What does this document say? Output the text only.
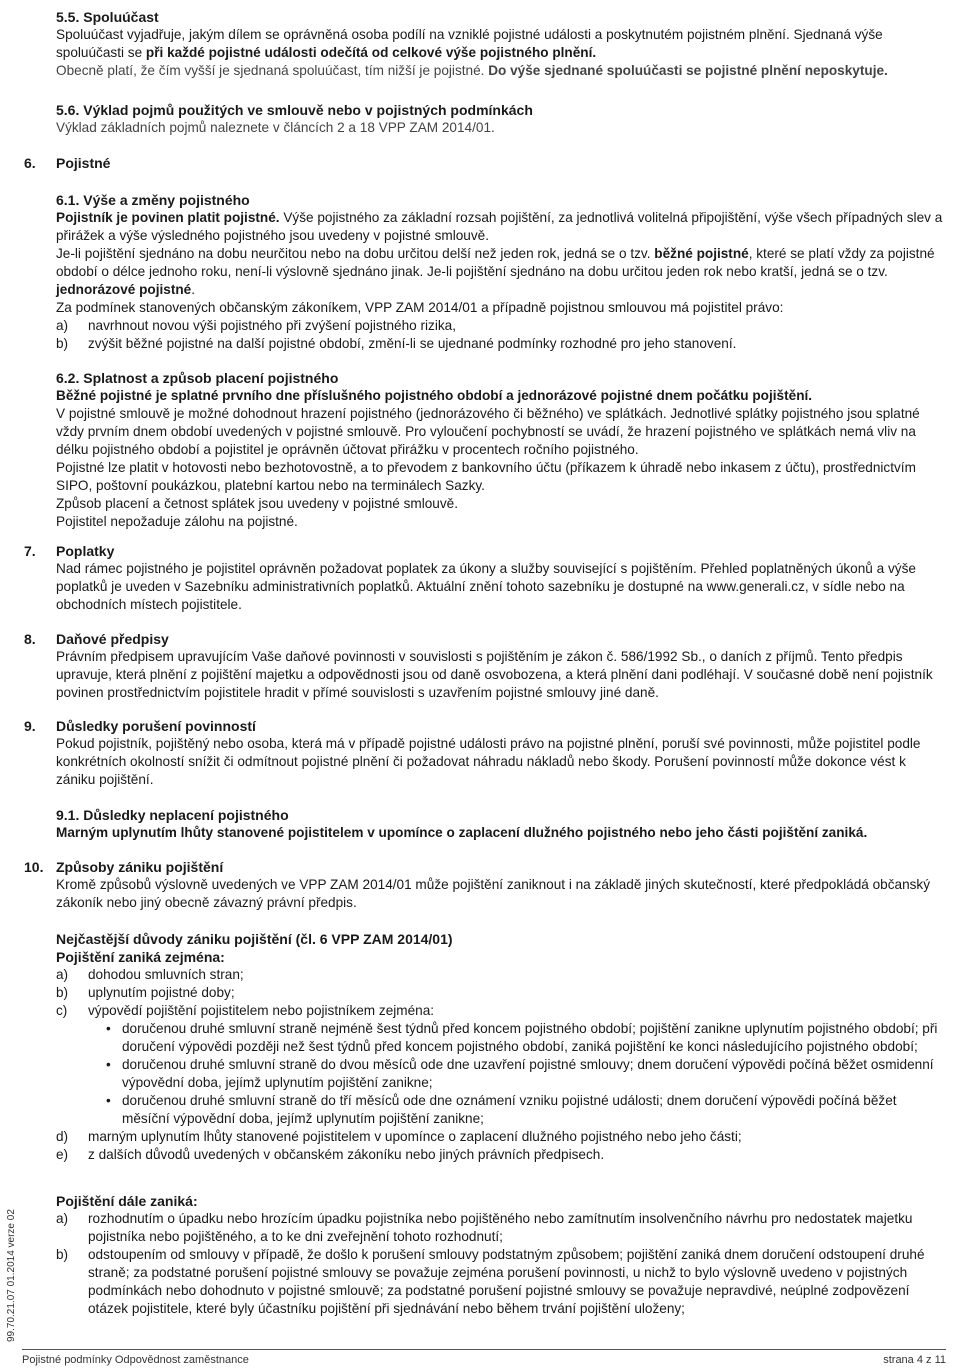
5.5. Spoluúčast

Spoluúčast vyjadřuje, jakým dílem se oprávněná osoba podílí na vzniklé pojistné události a poskytnutém pojistném plnění. Sjednaná výše spoluúčasti se při každé pojistné události odečítá od celkové výše pojistného plnění.

Obecně platí, že čím vyšší je sjednaná spoluúčast, tím nižší je pojistné. Do výše sjednané spoluúčasti se pojistné plnění neposkytuje.

5.6. Výklad pojmů použitých ve smlouvě nebo v pojistných podmínkách

Výklad základních pojmů naleznete v článcích 2 a 18 VPP ZAM 2014/01.

6. Pojistné
6.1. Výše a změny pojistného

Pojistník je povinen platit pojistné. Výše pojistného za základní rozsah pojištění, za jednotlivá volitelná připojištění, výše všech případných slev a přirážek a výše výsledného pojistného jsou uvedeny v pojistné smlouvě.

Je-li pojištění sjednáno na dobu neurčitou nebo na dobu určitou delší než jeden rok, jedná se o tzv. běžné pojistné, které se platí vždy za pojistné období o délce jednoho roku, není-li výslovně sjednáno jinak. Je-li pojištění sjednáno na dobu určitou jeden rok nebo kratší, jedná se o tzv. jednorázové pojistné.

Za podmínek stanovených občanským zákoníkem, VPP ZAM 2014/01 a případně pojistnou smlouvou má pojistitel právo:

a) navrhnout novou výši pojistného při zvýšení pojistného rizika,
b) zvýšit běžné pojistné na další pojistné období, změní-li se ujednané podmínky rozhodné pro jeho stanovení.
6.2. Splatnost a způsob placení pojistného

Běžné pojistné je splatné prvního dne příslušného pojistného období a jednorázové pojistné dnem počátku pojištění.

V pojistné smlouvě je možné dohodnout hrazení pojistného (jednorázového či běžného) ve splátkách. Jednotlivé splátky pojistného jsou splatné vždy prvním dnem období uvedených v pojistné smlouvě. Pro vyloučení pochybností se uvádí, že hrazení pojistného ve splátkách nemá vliv na délku pojistného období a pojistitel je oprávněn účtovat přirážku v procentech ročního pojistného.

Pojistné lze platit v hotovosti nebo bezhotovostně, a to převodem z bankovního účtu (příkazem k úhradě nebo inkasem z účtu), prostřednictvím SIPO, poštovní poukázkou, platební kartou nebo na terminálech Sazky.

Způsob placení a četnost splátek jsou uvedeny v pojistné smlouvě.

Pojistitel nepožaduje zálohu na pojistné.

7. Poplatky

Nad rámec pojistného je pojistitel oprávněn požadovat poplatek za úkony a služby související s pojištěním. Přehled poplatněných úkonů a výše poplatků je uveden v Sazebníku administrativních poplatků. Aktuální znění tohoto sazebníku je dostupné na www.generali.cz, v sídle nebo na obchodních místech pojistitele.

8. Daňové předpisy

Právním předpisem upravujícím Vaše daňové povinnosti v souvislosti s pojištěním je zákon č. 586/1992 Sb., o daních z příjmů. Tento předpis upravuje, která plnění z pojištění majetku a odpovědnosti jsou od daně osvobozena, a která plnění dani podléhají. V současné době není pojistník povinen prostřednictvím pojistitele hradit v přímé souvislosti s uzavřením pojistné smlouvy jiné daně.

9. Důsledky porušení povinností

Pokud pojistník, pojištěný nebo osoba, která má v případě pojistné události právo na pojistné plnění, poruší své povinnosti, může pojistitel podle konkrétních okolností snížit či odmítnout pojistné plnění či požadovat náhradu nákladů nebo škody. Porušení povinností může dokonce vést k zániku pojištění.

9.1. Důsledky neplacení pojistného

Marným uplynutím lhůty stanovené pojistitelem v upomínce o zaplacení dlužného pojistného nebo jeho části pojištění zaniká.

10. Způsoby zániku pojištění

Kromě způsobů výslovně uvedených ve VPP ZAM 2014/01 může pojištění zaniknout i na základě jiných skutečností, které předpokládá občanský zákoník nebo jiný obecně závazný právní předpis.

Nejčastější důvody zániku pojištění (čl. 6 VPP ZAM 2014/01)
Pojištění zaniká zejména:
a) dohodou smluvních stran;
b) uplynutím pojistné doby;
c) výpovědí pojištění pojistitelem nebo pojistníkem zejména:
• doručenou druhé smluvní straně nejméně šest týdnů před koncem pojistného období; pojištění zanikne uplynutím pojistného období; při doručení výpovědi později než šest týdnů před koncem pojistného období, zaniká pojištění ke konci následujícího pojistného období;
• doručenou druhé smluvní straně do dvou měsíců ode dne uzavření pojistné smlouvy; dnem doručení výpovědi počíná běžet osmidenní výpovědní doba, jejímž uplynutím pojištění zanikne;
• doručenou druhé smluvní straně do tří měsíců ode dne oznámení vzniku pojistné události; dnem doručení výpovědi počíná běžet měsíční výpovědní doba, jejímž uplynutím pojištění zanikne;
d) marným uplynutím lhůty stanovené pojistitelem v upomínce o zaplacení dlužného pojistného nebo jeho části;
e) z dalších důvodů uvedených v občanském zákoníku nebo jiných právních předpisech.
Pojištění dále zaniká:
a) rozhodnutím o úpadku nebo hrozícím úpadku pojistníka nebo pojištěného nebo zamítnutím insolvenčního návrhu pro nedostatek majetku pojistníka nebo pojištěného, a to ke dni zveřejnění tohoto rozhodnutí;
b) odstoupením od smlouvy v případě, že došlo k porušení smlouvy podstatným způsobem; pojištění zaniká dnem doručení odstoupení druhé straně; za podstatné porušení pojistné smlouvy se považuje zejména porušení povinnosti, u nichž to bylo výslovně uvedeno v pojistných podmínkách nebo dohodnuto v pojistné smlouvě; za podstatné porušení pojistné smlouvy se považuje nepravdivé, neúplné zodpovězení otázek pojistitele, které byly účastníku pojištění při sjednávání nebo během trvání pojištění uloženy;
99.70.21.07 01.2014 verze 02
Pojistné podmínky Odpovědnost zaměstnance	strana 4 z 11
